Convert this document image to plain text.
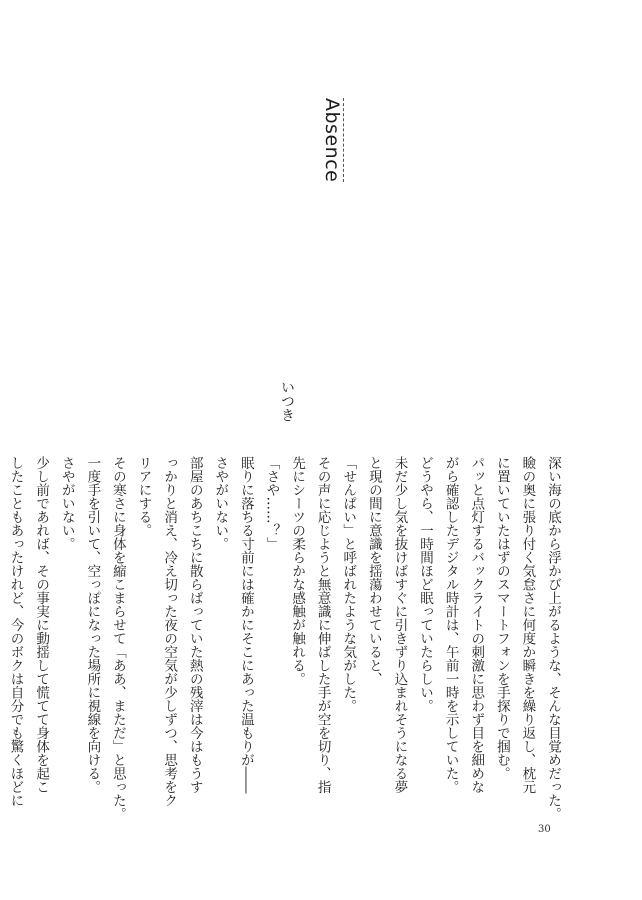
Absence
いつき

深い海の底から浮かび上がるような、そんな目覚めだった。

瞼の奥に張り付く気怠さに何度か瞬きを繰り返し、枕元

に置いていたはずのスマートフォンを手探りで掴む。

パッと点灯するバックライトの刺激に思わず目を細めな

がら確認したデジタル時計は、午前一時を示していた。

どうやら、一時間ほど眠っていたらしい。

未だ少し気を抜けばすぐに引きずり込まれそうになる夢

と現の間に意識を揺蕩わせていると、

「せんぱい」と呼ばれたような気がした。

その声に応じようと無意識に伸ばした手が空を切り、指

先にシーツの柔らかな感触が触れる。

「さや……？」

眠りに落ちる寸前には確かにそこにあった温もりが――

さやがいない。

部屋のあちこちに散らばっていた熱の残滓は今はもうす

っかりと消え、冷え切った夜の空気が少しずつ、思考をク

リアにする。

その寒さに身体を縮こまらせて「ああ、まただ」と思った。

一度手を引いて、空っぽになった場所に視線を向ける。

さやがいない。

少し前であれば、その事実に動揺して慌てて身体を起こ

したこともあったけれど、今のボクは自分でも驚くほどに

30
